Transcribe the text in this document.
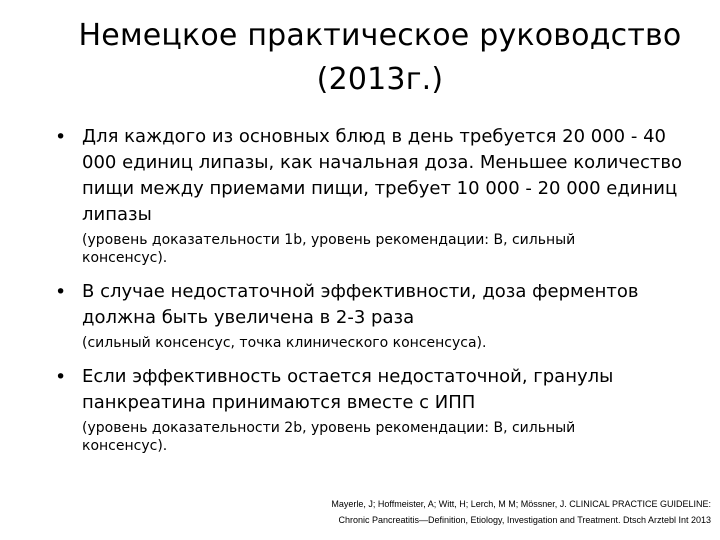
Немецкое практическое руководство
(2013г.)
• Для каждого из основных блюд в день требуется 20 000 - 40 000 единиц липазы, как начальная доза. Меньшее количество пищи между приемами пищи, требует 10 000 - 20 000 единиц липазы
(уровень доказательности 1b, уровень рекомендации: B, сильный консенсус).
• В случае недостаточной эффективности, доза ферментов должна быть увеличена в 2-3 раза
(сильный консенсус, точка клинического консенсуса).
• Если эффективность остается недостаточной, гранулы панкреатина принимаются вместе с ИПП
(уровень доказательности 2b, уровень рекомендации: B, сильный консенсус).
Mayerle, J; Hoffmeister, A; Witt, H; Lerch, M M; Mössner, J. CLINICAL PRACTICE GUIDELINE:
Chronic Pancreatitis—Definition, Etiology, Investigation and Treatment. Dtsch Arztebl Int 2013
